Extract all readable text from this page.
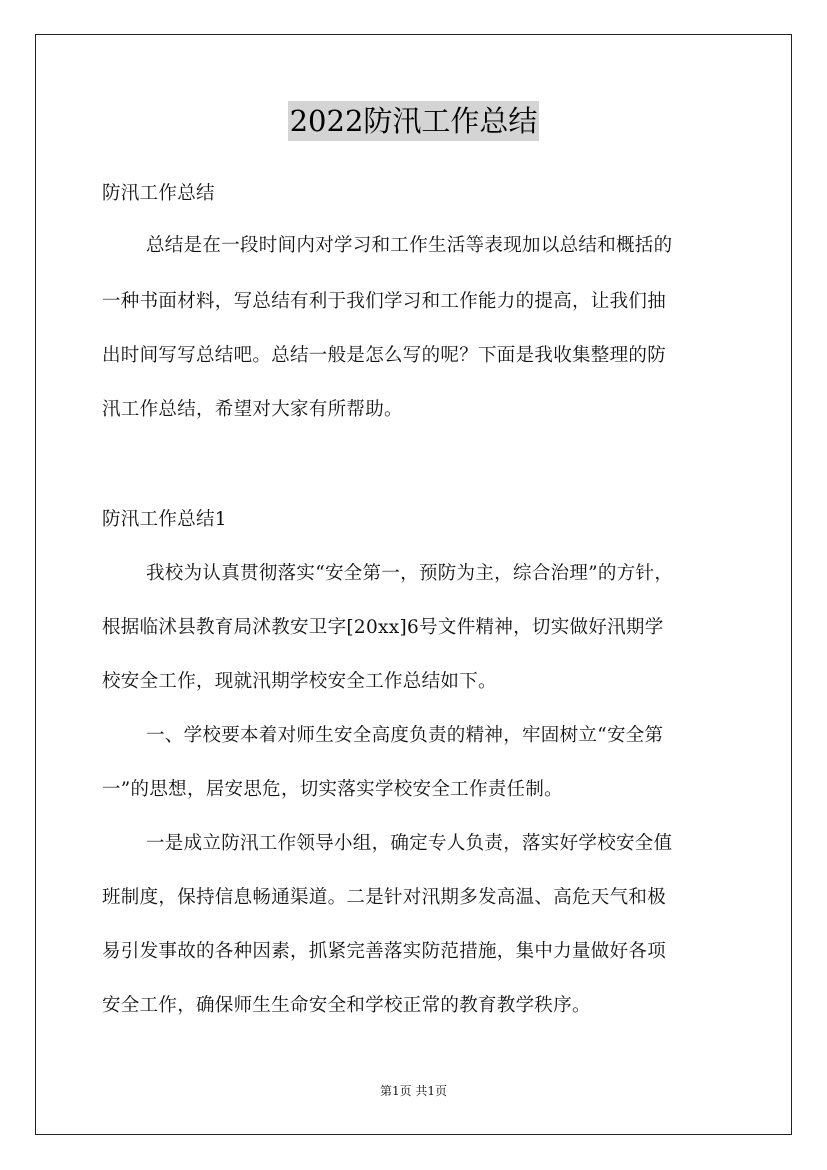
2022防汛工作总结
防汛工作总结
总结是在一段时间内对学习和工作生活等表现加以总结和概括的
一种书面材料，写总结有利于我们学习和工作能力的提高，让我们抽
出时间写写总结吧。总结一般是怎么写的呢？下面是我收集整理的防
汛工作总结，希望对大家有所帮助。
防汛工作总结1
我校为认真贯彻落实“安全第一，预防为主，综合治理”的方针，
根据临沭县教育局沭教安卫字[20xx]6号文件精神，切实做好汛期学
校安全工作，现就汛期学校安全工作总结如下。
一、学校要本着对师生安全高度负责的精神，牢固树立“安全第
一”的思想，居安思危，切实落实学校安全工作责任制。
一是成立防汛工作领导小组，确定专人负责，落实好学校安全值
班制度，保持信息畅通渠道。二是针对汛期多发高温、高危天气和极
易引发事故的各种因素，抓紧完善落实防范措施，集中力量做好各项
安全工作，确保师生生命安全和学校正常的教育教学秩序。
第1页 共1页
